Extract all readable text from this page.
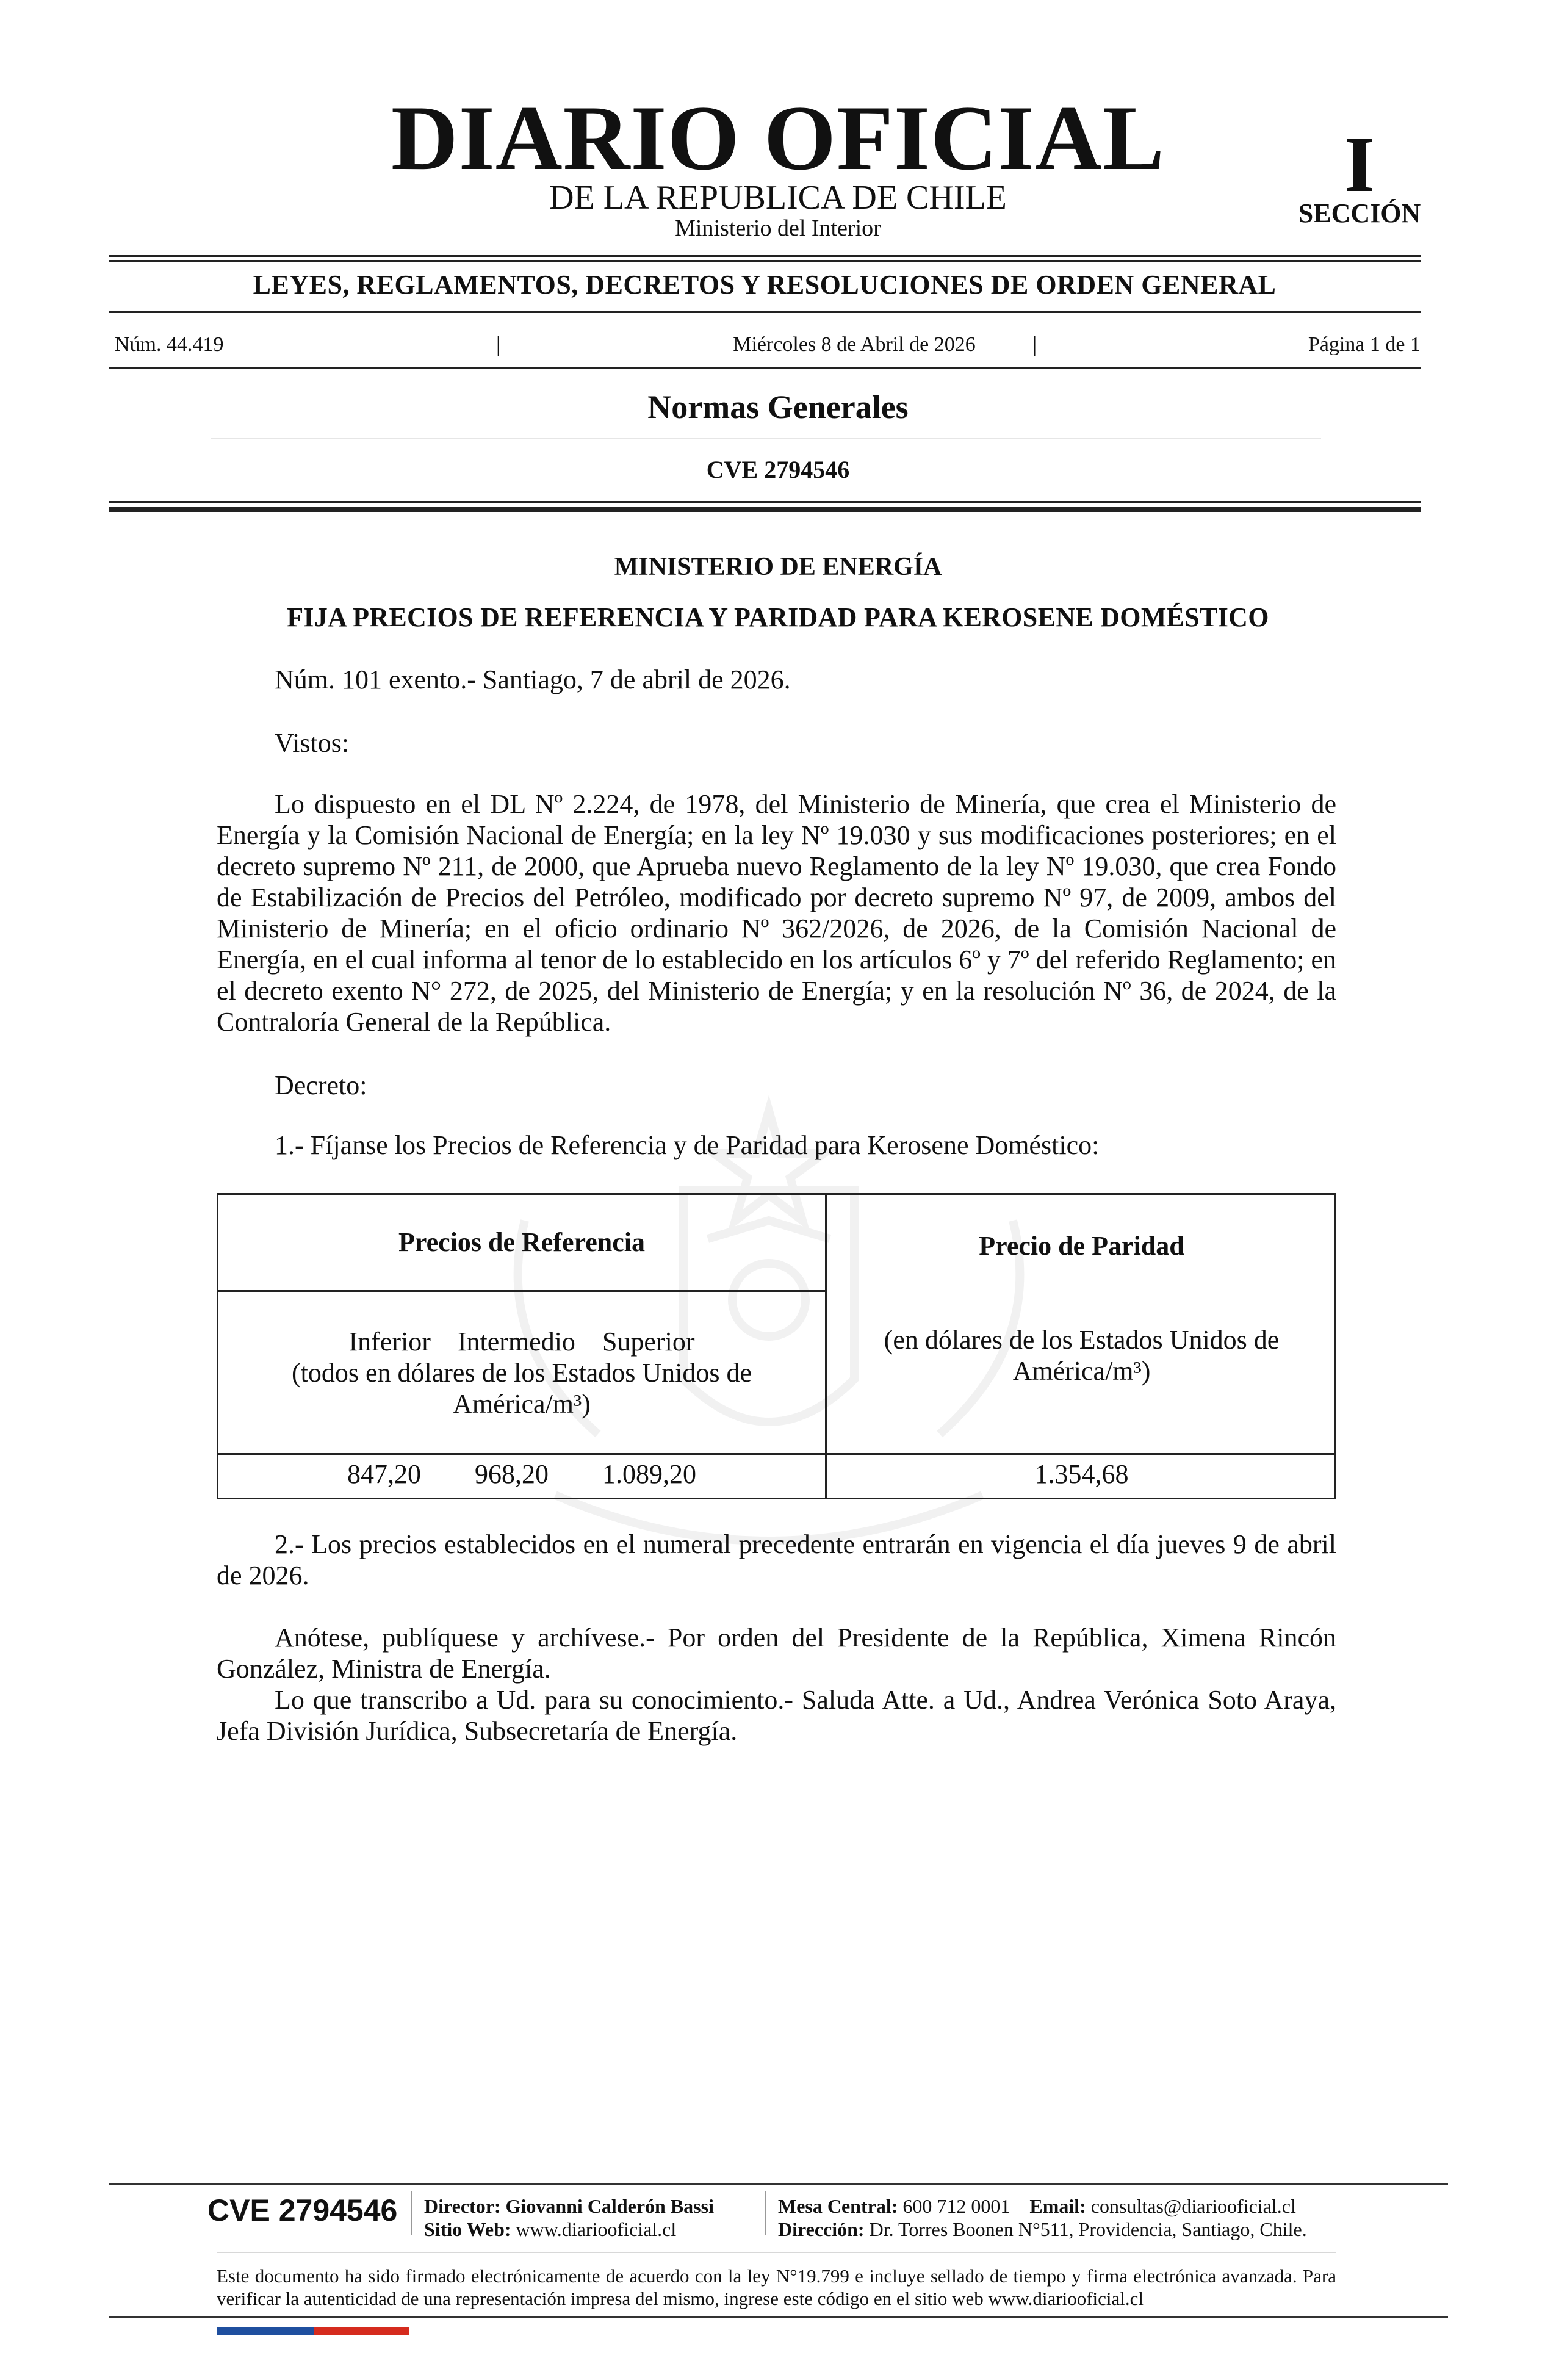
DIARIO OFICIAL
DE LA REPUBLICA DE CHILE
Ministerio del Interior
I
SECCIÓN
LEYES, REGLAMENTOS, DECRETOS Y RESOLUCIONES DE ORDEN GENERAL
Núm. 44.419	|	Miércoles 8 de Abril de 2026	|	Página 1 de 1
Normas Generales
CVE 2794546
MINISTERIO DE ENERGÍA
FIJA PRECIOS DE REFERENCIA Y PARIDAD PARA KEROSENE DOMÉSTICO
Núm. 101 exento.- Santiago, 7 de abril de 2026.
Vistos:
Lo dispuesto en el DL Nº 2.224, de 1978, del Ministerio de Minería, que crea el Ministerio de Energía y la Comisión Nacional de Energía; en la ley Nº 19.030 y sus modificaciones posteriores; en el decreto supremo Nº 211, de 2000, que Aprueba nuevo Reglamento de la ley Nº 19.030, que crea Fondo de Estabilización de Precios del Petróleo, modificado por decreto supremo Nº 97, de 2009, ambos del Ministerio de Minería; en el oficio ordinario Nº 362/2026, de 2026, de la Comisión Nacional de Energía, en el cual informa al tenor de lo establecido en los artículos 6º y 7º del referido Reglamento; en el decreto exento N° 272, de 2025, del Ministerio de Energía; y en la resolución Nº 36, de 2024, de la Contraloría General de la República.
Decreto:
1.- Fíjanse los Precios de Referencia y de Paridad para Kerosene Doméstico:
Precios de Referencia	Precio de Paridad
Inferior Intermedio Superior
(todos en dólares de los Estados Unidos de América/m³)
(en dólares de los Estados Unidos de América/m³)
847,20 968,20 1.089,20	1.354,68
2.- Los precios establecidos en el numeral precedente entrarán en vigencia el día jueves 9 de abril de 2026.
Anótese, publíquese y archívese.- Por orden del Presidente de la República, Ximena Rincón González, Ministra de Energía.
Lo que transcribo a Ud. para su conocimiento.- Saluda Atte. a Ud., Andrea Verónica Soto Araya, Jefa División Jurídica, Subsecretaría de Energía.
CVE 2794546 Director: Giovanni Calderón Bassi
Sitio Web: www.diariooficial.cl
Mesa Central: 600 712 0001 Email: consultas@diariooficial.cl
Dirección: Dr. Torres Boonen N°511, Providencia, Santiago, Chile.
Este documento ha sido firmado electrónicamente de acuerdo con la ley N°19.799 e incluye sellado de tiempo y firma electrónica avanzada. Para verificar la autenticidad de una representación impresa del mismo, ingrese este código en el sitio web www.diariooficial.cl
